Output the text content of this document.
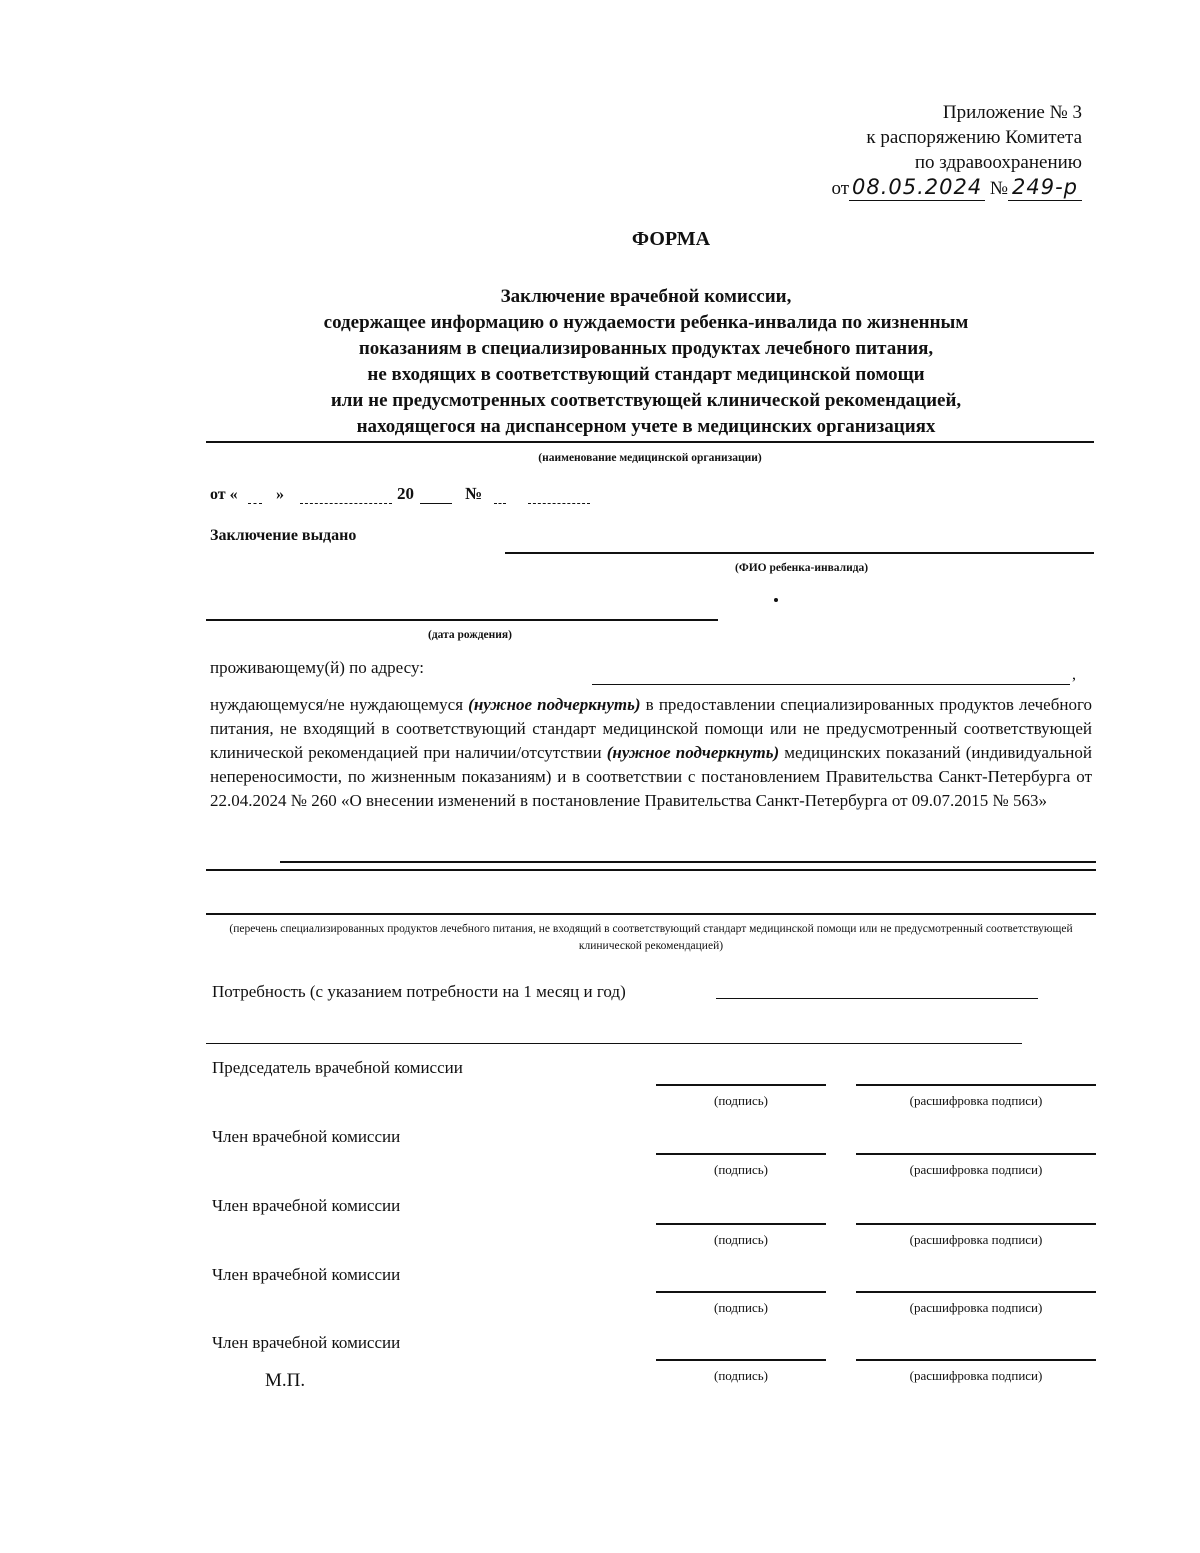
Приложение № 3
к распоряжению Комитета
по здравоохранению
от 08.05.2024 № 249-р
ФОРМА
Заключение врачебной комиссии,
содержащее информацию о нуждаемости ребенка-инвалида по жизненным
показаниям в специализированных продуктах лечебного питания,
не входящих в соответствующий стандарт медицинской помощи
или не предусмотренных соответствующей клинической рекомендацией,
находящегося на диспансерном учете в медицинских организациях
(наименование медицинской организации)
от « »	20	№
Заключение выдано
(ФИО ребенка-инвалида)
(дата рождения)
проживающему(й) по адресу:	,
нуждающемуся/не нуждающемуся (нужное подчеркнуть) в предоставлении специализированных продуктов лечебного питания, не входящий в соответствующий стандарт медицинской помощи или не предусмотренный соответствующей клинической рекомендацией при наличии/отсутствии (нужное подчеркнуть) медицинских показаний (индивидуальной непереносимости, по жизненным показаниям) и в соответствии с постановлением Правительства Санкт-Петербурга от 22.04.2024 № 260 «О внесении изменений в постановление Правительства Санкт-Петербурга от 09.07.2015 № 563»
(перечень специализированных продуктов лечебного питания, не входящий в соответствующий стандарт медицинской помощи или не предусмотренный соответствующей клинической рекомендацией)
Потребность (с указанием потребности на 1 месяц и год)
Председатель врачебной комиссии
(подпись)	(расшифровка подписи)
Член врачебной комиссии
(подпись)	(расшифровка подписи)
Член врачебной комиссии
(подпись)	(расшифровка подписи)
Член врачебной комиссии
(подпись)	(расшифровка подписи)
Член врачебной комиссии
(подпись)	(расшифровка подписи)
М.П.
